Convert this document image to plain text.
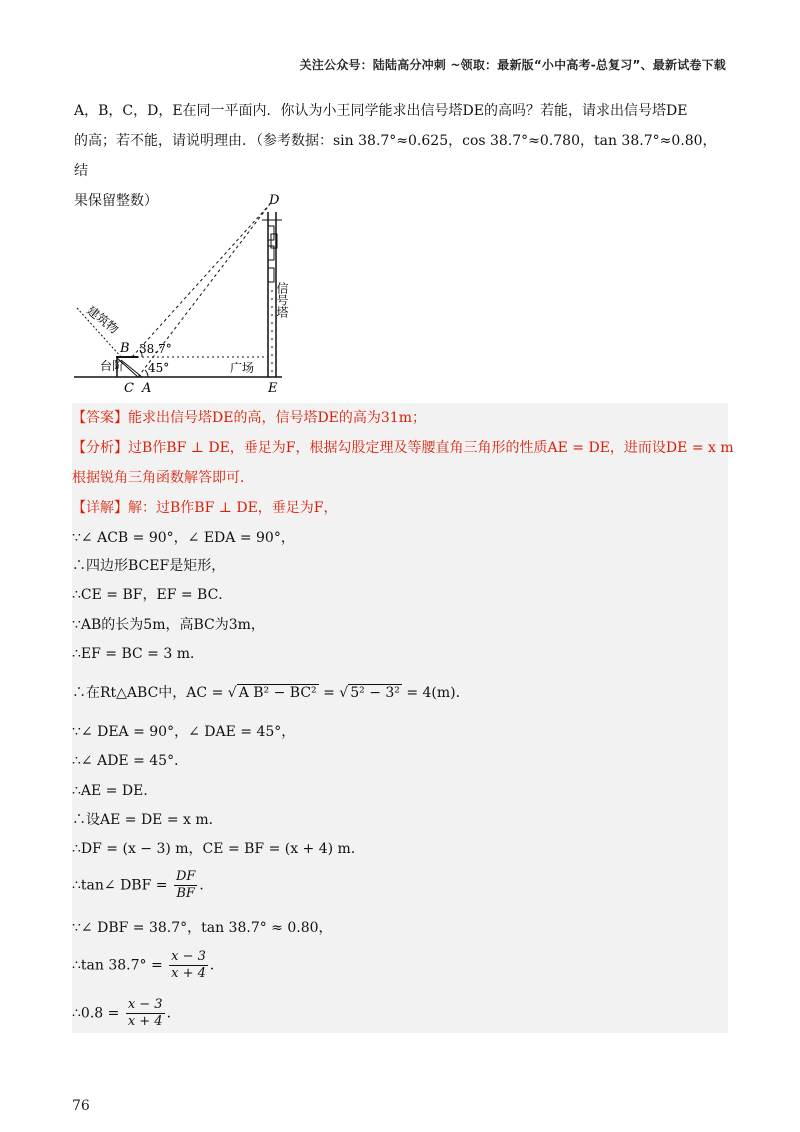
关注公众号：陆陆高分冲刺 ~领取：最新版“小中高考-总复习”、最新试卷下载

A，B，C，D，E在同一平面内．你认为小王同学能求出信号塔DE的高吗？若能，请求出信号塔DE

的高；若不能，请说明理由．（参考数据：sin 38.7°≈0.625，cos 38.7°≈0.780，tan 38.7°≈0.80，结

果保留整数）	D
B
C A	E
38.7°
45°
台阶	广场
建筑物
信号塔
【答案】能求出信号塔DE的高，信号塔DE的高为31m；
【分析】过B作BF ⊥ DE，垂足为F，根据勾股定理及等腰直角三角形的性质AE = DE，进而设DE = x m
根据锐角三角函数解答即可．
【详解】解：过B作BF ⊥ DE，垂足为F，
∵∠ ACB = 90°，∠ EDA = 90°，
∴四边形BCEF是矩形，
∴CE = BF，EF = BC．
∵AB的长为5m，高BC为3m，
∴EF = BC = 3 m．
∴在Rt△ABC中，AC = √ A B² − BC² = √ 5² − 3² = 4(m)．
∵∠ DEA = 90°，∠ DAE = 45°，
∴∠ ADE = 45°．
∴AE = DE．
∴设AE = DE = x m．
∴DF = (x − 3) m，CE = BF = (x + 4) m．
∴tan∠ DBF = $\frac{DF}{BF}$ ．
∵∠ DBF = 38.7°，tan 38.7° ≈ 0.80，
∴tan $38.7^\circ = \frac{x - 3}{x + 4}$ ．
∴0.8 = $\frac{x - 3}{x + 4}$ ．
76
